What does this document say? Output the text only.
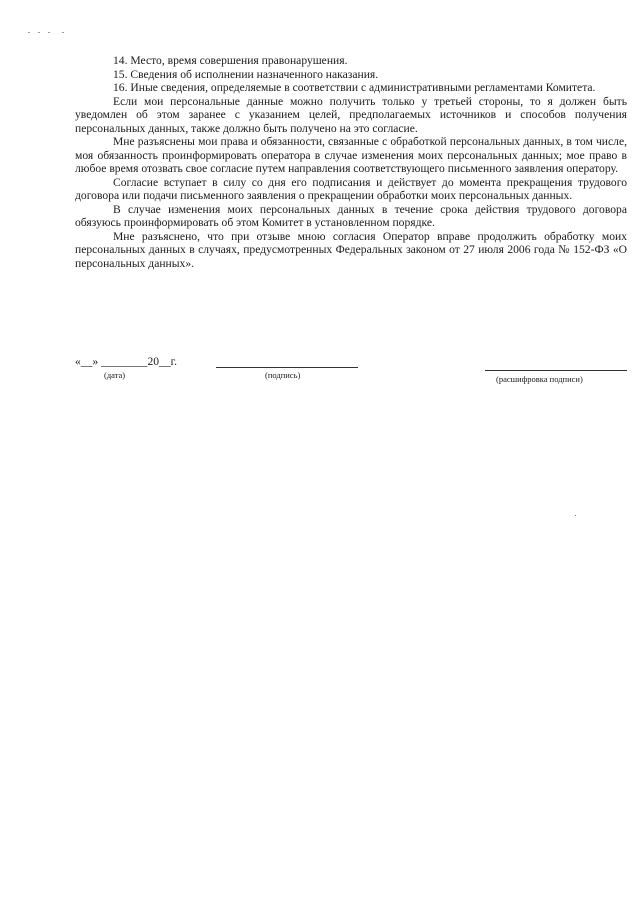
14. Место, время совершения правонарушения.

15. Сведения об исполнении назначенного наказания.

16. Иные сведения, определяемые в соответствии с административными регламентами Комитета.

Если мои персональные данные можно получить только у третьей стороны, то я должен быть уведомлен об этом заранее с указанием целей, предполагаемых источников и способов получения персональных данных, также должно быть получено на это согласие.

Мне разъяснены мои права и обязанности, связанные с обработкой персональных данных, в том числе, моя обязанность проинформировать оператора в случае изменения моих персональных данных; мое право в любое время отозвать свое согласие путем направления соответствующего письменного заявления оператору.

Согласие вступает в силу со дня его подписания и действует до момента прекращения трудового договора или подачи письменного заявления о прекращении обработки моих персональных данных.

В случае изменения моих персональных данных в течение срока действия трудового договора обязуюсь проинформировать об этом Комитет в установленном порядке.

Мне разъяснено, что при отзыве мною согласия Оператор вправе продолжить обработку моих персональных данных в случаях, предусмотренных Федеральных законом от 27 июля 2006 года № 152-ФЗ «О персональных данных».

«__» ________20__г.
(дата)	(подпись)	(расшифровка подписи)
